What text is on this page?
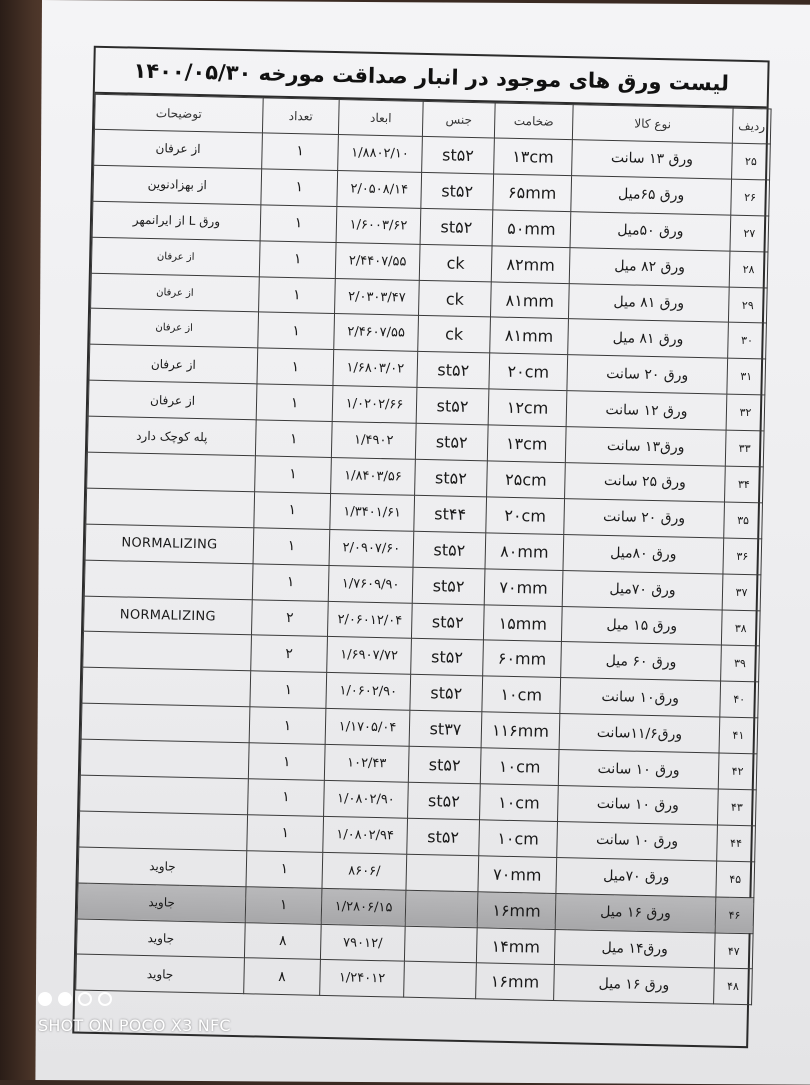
لیست ورق های موجود در انبار صداقت مورخه ۱۴۰۰/۰۵/۳۰
ردیف	نوع کالا	ضخامت	جنس	ابعاد	تعداد	توضیحات
۲۵	ورق ۱۳ سانت	۱۳cm	st۵۲	۱/۸۸۰۲/۱۰	۱	از عرفان
۲۶	ورق ۶۵میل	۶۵mm	st۵۲	۲/۰۵۰۸/۱۴	۱	از بهزادنوین
۲۷	ورق ۵۰میل	۵۰mm	st۵۲	۱/۶۰۰۳/۶۲	۱	ورق L از ایرانمهر
۲۸	ورق ۸۲ میل	۸۲mm	ck	۲/۴۴۰۷/۵۵	۱	از عرفان
۲۹	ورق ۸۱ میل	۸۱mm	ck	۲/۰۳۰۳/۴۷	۱	از عرفان
۳۰	ورق ۸۱ میل	۸۱mm	ck	۲/۴۶۰۷/۵۵	۱	از عرفان
۳۱	ورق ۲۰ سانت	۲۰cm	st۵۲	۱/۶۸۰۳/۰۲	۱	از عرفان
۳۲	ورق ۱۲ سانت	۱۲cm	st۵۲	۱/۰۲۰۲/۶۶	۱	از عرفان
۳۳	ورق۱۳ سانت	۱۳cm	st۵۲	۱/۴۹۰۲	۱	پله کوچک دارد
۳۴	ورق ۲۵ سانت	۲۵cm	st۵۲	۱/۸۴۰۳/۵۶	۱	
۳۵	ورق ۲۰ سانت	۲۰cm	st۴۴	۱/۳۴۰۱/۶۱	۱	
۳۶	ورق ۸۰میل	۸۰mm	st۵۲	۲/۰۹۰۷/۶۰	۱	NORMALIZING
۳۷	ورق ۷۰میل	۷۰mm	st۵۲	۱/۷۶۰۹/۹۰	۱	
۳۸	ورق ۱۵ میل	۱۵mm	st۵۲	۲/۰۶۰۱۲/۰۴	۲	NORMALIZING
۳۹	ورق ۶۰ میل	۶۰mm	st۵۲	۱/۶۹۰۷/۷۲	۲	
۴۰	ورق۱۰ سانت	۱۰cm	st۵۲	۱/۰۶۰۲/۹۰	۱	
۴۱	ورق۱۱/۶سانت	۱۱۶mm	st۳۷	۱/۱۷۰۵/۰۴	۱	
۴۲	ورق ۱۰ سانت	۱۰cm	st۵۲	۱۰۲/۴۳	۱	
۴۳	ورق ۱۰ سانت	۱۰cm	st۵۲	۱/۰۸۰۲/۹۰	۱	
۴۴	ورق ۱۰ سانت	۱۰cm	st۵۲	۱/۰۸۰۲/۹۴	۱	
۴۵	ورق ۷۰میل	۷۰mm		/۸۶۰۶	۱	جاوید
۴۶	ورق ۱۶ میل	۱۶mm		۱/۲۸۰۶/۱۵	۱	جاوید
۴۷	ورق۱۴ میل	۱۴mm		/۷۹۰۱۲	۸	جاوید
۴۸	ورق ۱۶ میل	۱۶mm		۱/۲۴۰۱۲	۸	جاوید
SHOT ON POCO X3 NFC
